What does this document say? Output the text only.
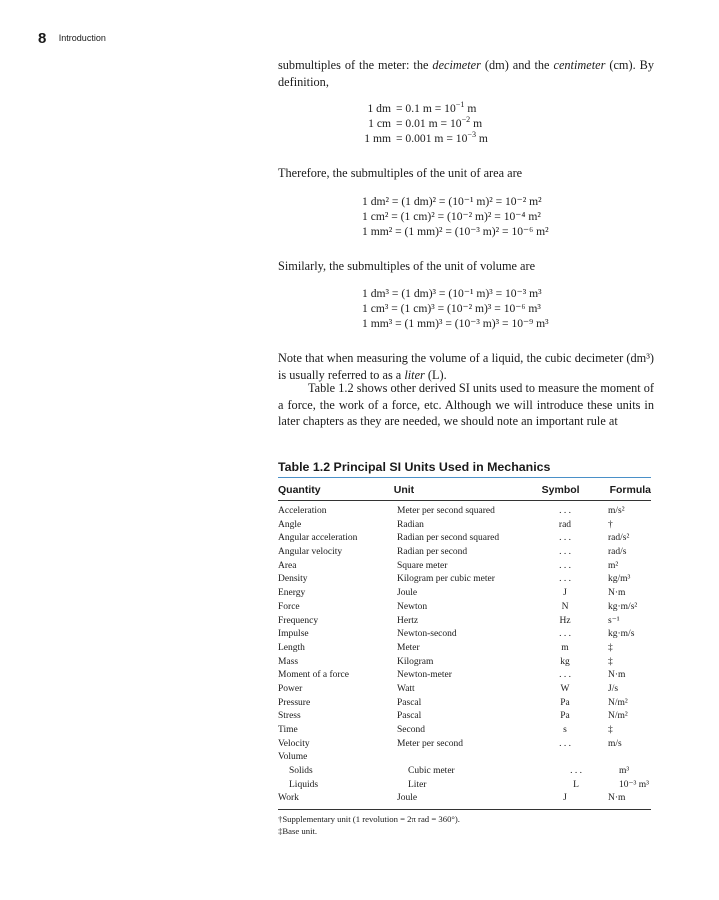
8 Introduction
submultiples of the meter: the decimeter (dm) and the centimeter (cm). By definition,
1 dm = 0.1 $m = 10^{-1}$ m
1 cm = 0.01 $m = 10^{-2}$ m
1 mm = 0.001 $m = 10^{-3}$ m
Therefore, the submultiples of the unit of area are
1 dm² = (1 dm)² = (10⁻¹ m)² = 10⁻² m²
1 cm² = (1 cm)² = (10⁻² m)² = 10⁻⁴ m²
1 mm² = (1 mm)² = (10⁻³ m)² = 10⁻⁶ m²
Similarly, the submultiples of the unit of volume are
1 dm³ = (1 dm)³ = (10⁻¹ m)³ = 10⁻³ m³
1 cm³ = (1 cm)³ = (10⁻² m)³ = 10⁻⁶ m³
1 mm³ = (1 mm)³ = (10⁻³ m)³ = 10⁻⁹ m³
Note that when measuring the volume of a liquid, the cubic decimeter (dm³) is usually referred to as a liter (L).
Table 1.2 shows other derived SI units used to measure the moment of a force, the work of a force, etc. Although we will introduce these units in later chapters as they are needed, we should note an important rule at
Table 1.2 Principal SI Units Used in Mechanics
Quantity	Unit	Symbol	Formula
Acceleration	Meter per second squared	. . .	m/s²
Angle	Radian	rad	†
Angular acceleration	Radian per second squared	. . .	rad/s²
Angular velocity	Radian per second	. . .	rad/s
Area	Square meter	. . .	m²
Density	Kilogram per cubic meter	. . .	kg/m³
Energy	Joule	J	N·m
Force	Newton	N	kg·m/s²
Frequency	Hertz	Hz	s⁻¹
Impulse	Newton-second	. . .	kg·m/s
Length	Meter	m	‡
Mass	Kilogram	kg	‡
Moment of a force	Newton-meter	. . .	N·m
Power	Watt	W	J/s
Pressure	Pascal	Pa	N/m²
Stress	Pascal	Pa	N/m²
Time	Second	s	‡
Velocity	Meter per second	. . .	m/s
Volume
Solids	Cubic meter	. . .	m³
Liquids	Liter	L	10⁻³ m³
Work	Joule	J	N·m
†Supplementary unit (1 revolution = 2π rad = 360°).
‡Base unit.
